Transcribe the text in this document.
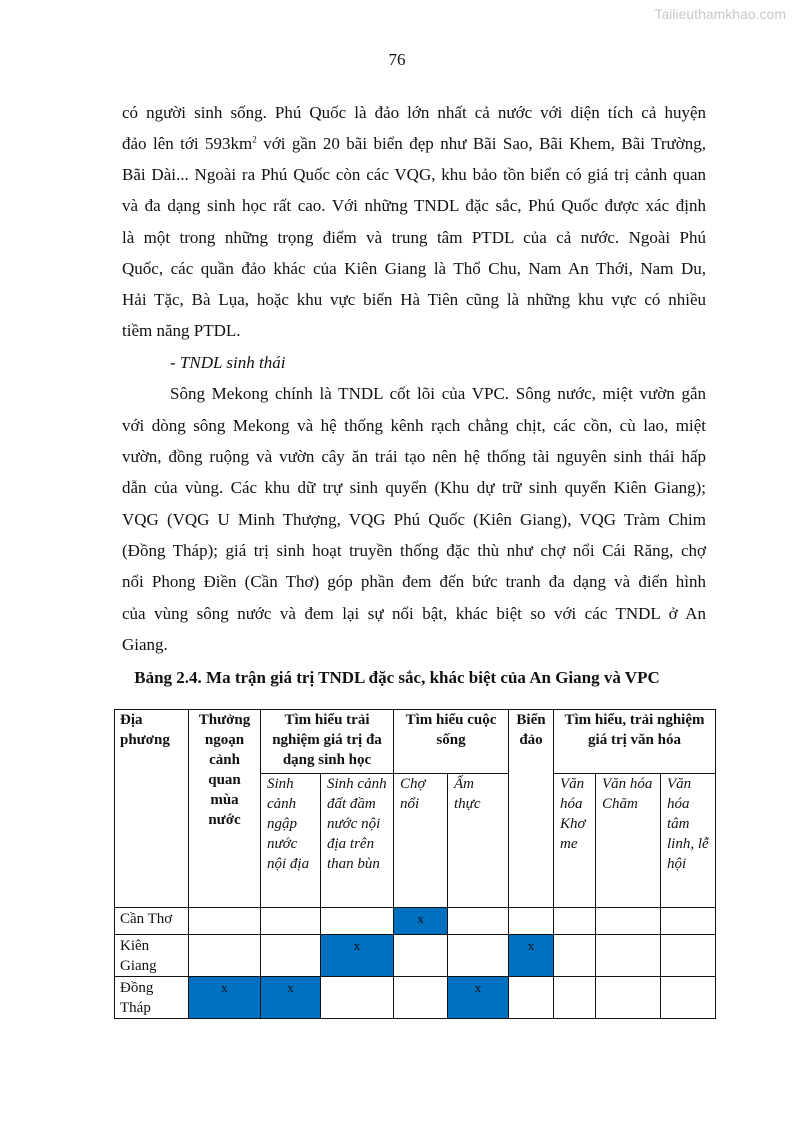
Tailieuthamkhao.com
76
có người sinh sống. Phú Quốc là đảo lớn nhất cả nước với diện tích cả huyện
đảo lên tới $593km^2$ với gần 20 bãi biển đẹp như Bãi Sao, Bãi Khem, Bãi Trường,
Bãi Dài... Ngoài ra Phú Quốc còn các VQG, khu bảo tồn biển có giá trị cảnh quan
và đa dạng sinh học rất cao. Với những TNDL đặc sắc, Phú Quốc được xác định
là một trong những trọng điểm và trung tâm PTDL của cả nước. Ngoài Phú
Quốc, các quần đảo khác của Kiên Giang là Thổ Chu, Nam An Thới, Nam Du,
Hải Tặc, Bà Lụa, hoặc khu vực biển Hà Tiên cũng là những khu vực có nhiều
tiềm năng PTDL.
- TNDL sinh thái
Sông Mekong chính là TNDL cốt lõi của VPC. Sông nước, miệt vườn gắn
với dòng sông Mekong và hệ thống kênh rạch chằng chịt, các cồn, cù lao, miệt
vườn, đồng ruộng và vườn cây ăn trái tạo nên hệ thống tài nguyên sinh thái hấp
dẫn của vùng. Các khu dữ trự sinh quyển (Khu dự trữ sinh quyển Kiên Giang);
VQG (VQG U Minh Thượng, VQG Phú Quốc (Kiên Giang), VQG Tràm Chim
(Đồng Tháp); giá trị sinh hoạt truyền thống đặc thù như chợ nổi Cái Răng, chợ
nổi Phong Điền (Cần Thơ) góp phần đem đến bức tranh đa dạng và điển hình
của vùng sông nước và đem lại sự nổi bật, khác biệt so với các TNDL ở An
Giang.
Bảng 2.4. Ma trận giá trị TNDL đặc sắc, khác biệt của An Giang và VPC
Địa phương	Thưởng ngoạn cảnh quan mùa nước	Tìm hiểu trải nghiệm giá trị đa dạng sinh học		Tìm hiểu cuộc sống		Biển đảo	Tìm hiểu, trải nghiệm giá trị văn hóa		
		Sinh cảnh ngập nước nội địa	Sinh cảnh đất đầm nước nội địa trên than bùn	Chợ nổi	Ẩm thực		Văn hóa Khơ me	Văn hóa Chăm	Văn hóa tâm linh, lễ hội
Cần Thơ				x					
Kiên Giang			x			x			
Đồng Tháp	x	x			x				
